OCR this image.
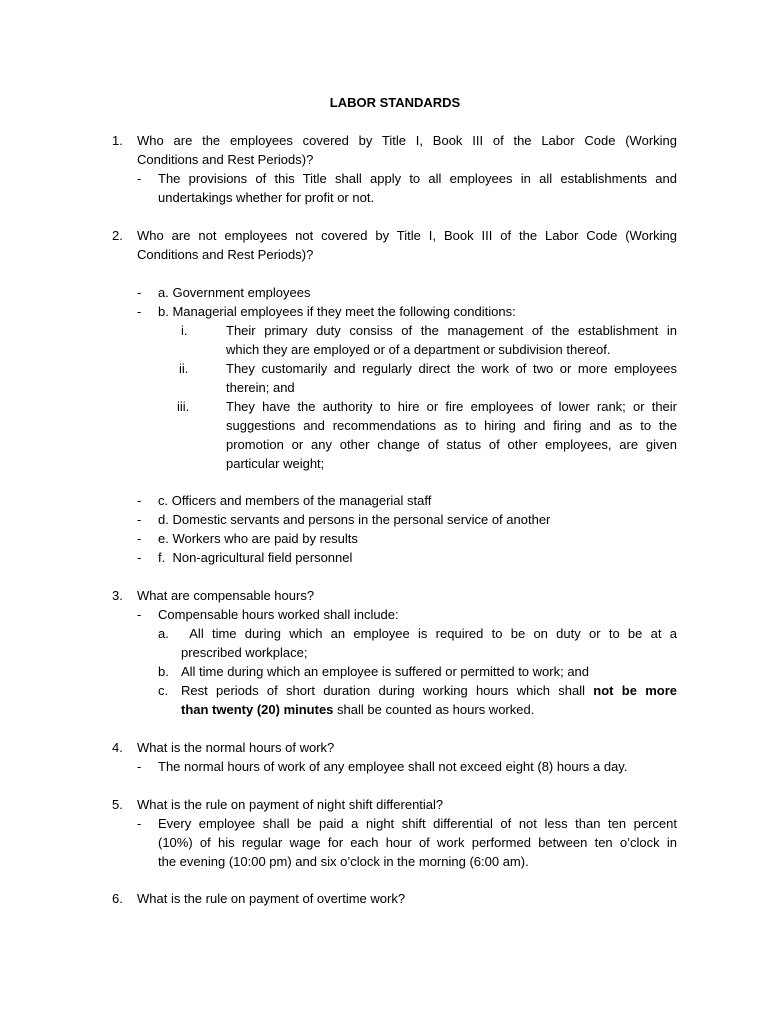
LABOR STANDARDS
1. Who are the employees covered by Title I, Book III of the Labor Code (Working
Conditions and Rest Periods)?
- The provisions of this Title shall apply to all employees in all establishments and
undertakings whether for profit or not.
2. Who are not employees not covered by Title I, Book III of the Labor Code (Working
Conditions and Rest Periods)?
- a. Government employees
- b. Managerial employees if they meet the following conditions:
i.	Their primary duty consiss of the management of the establishment in
which they are employed or of a department or subdivision thereof.
ii.	They customarily and regularly direct the work of two or more employees
therein; and
iii.	They have the authority to hire or fire employees of lower rank; or their
suggestions and recommendations as to hiring and firing and as to the
promotion or any other change of status of other employees, are given
particular weight;
- c. Officers and members of the managerial staff
- d. Domestic servants and persons in the personal service of another
- e. Workers who are paid by results
- f.  Non-agricultural field personnel
3. What are compensable hours?
- Compensable hours worked shall include:
a. All time during which an employee is required to be on duty or to be at a
prescribed workplace;
b. All time during which an employee is suffered or permitted to work; and
c. Rest periods of short duration during working hours which shall not be more
than twenty (20) minutes shall be counted as hours worked.
4. What is the normal hours of work?
- The normal hours of work of any employee shall not exceed eight (8) hours a day.
5. What is the rule on payment of night shift differential?
- Every employee shall be paid a night shift differential of not less than ten percent
(10%) of his regular wage for each hour of work performed between ten o’clock in
the evening (10:00 pm) and six o’clock in the morning (6:00 am).
6. What is the rule on payment of overtime work?
